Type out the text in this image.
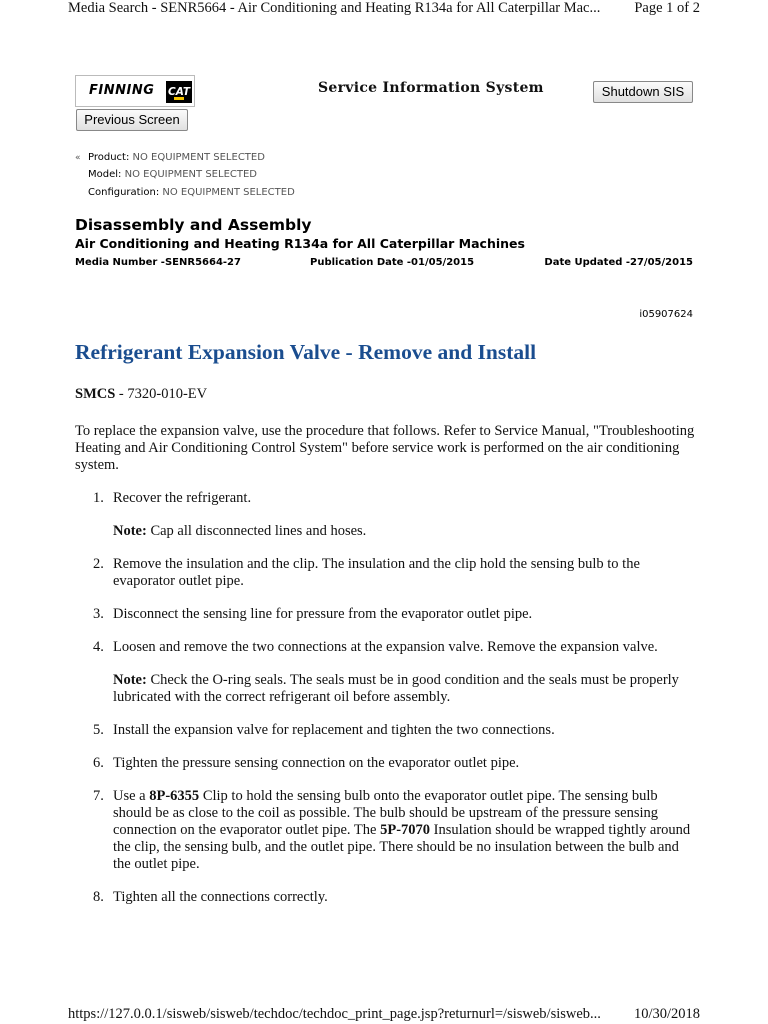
Media Search - SENR5664 - Air Conditioning and Heating R134a for All Caterpillar Mac... Page 1 of 2
https://127.0.0.1/sisweb/sisweb/techdoc/techdoc_print_page.jsp?returnurl=/sisweb/sisweb... 10/30/2018
FINNING CAT	Service Information System	Shutdown SIS
Previous Screen
« Product: NO EQUIPMENT SELECTED
Model: NO EQUIPMENT SELECTED
Configuration: NO EQUIPMENT SELECTED
Disassembly and Assembly
Air Conditioning and Heating R134a for All Caterpillar Machines
Media Number -SENR5664-27	Publication Date -01/05/2015	Date Updated -27/05/2015
i05907624
Refrigerant Expansion Valve - Remove and Install
SMCS - 7320-010-EV
To replace the expansion valve, use the procedure that follows. Refer to Service Manual, "Troubleshooting Heating and Air Conditioning Control System" before service work is performed on the air conditioning system.
1. Recover the refrigerant.
Note: Cap all disconnected lines and hoses.
2. Remove the insulation and the clip. The insulation and the clip hold the sensing bulb to the evaporator outlet pipe.
3. Disconnect the sensing line for pressure from the evaporator outlet pipe.
4. Loosen and remove the two connections at the expansion valve. Remove the expansion valve.
Note: Check the O-ring seals. The seals must be in good condition and the seals must be properly lubricated with the correct refrigerant oil before assembly.
5. Install the expansion valve for replacement and tighten the two connections.
6. Tighten the pressure sensing connection on the evaporator outlet pipe.
7. Use a 8P-6355 Clip to hold the sensing bulb onto the evaporator outlet pipe. The sensing bulb should be as close to the coil as possible. The bulb should be upstream of the pressure sensing connection on the evaporator outlet pipe. The 5P-7070 Insulation should be wrapped tightly around the clip, the sensing bulb, and the outlet pipe. There should be no insulation between the bulb and the outlet pipe.
8. Tighten all the connections correctly.
